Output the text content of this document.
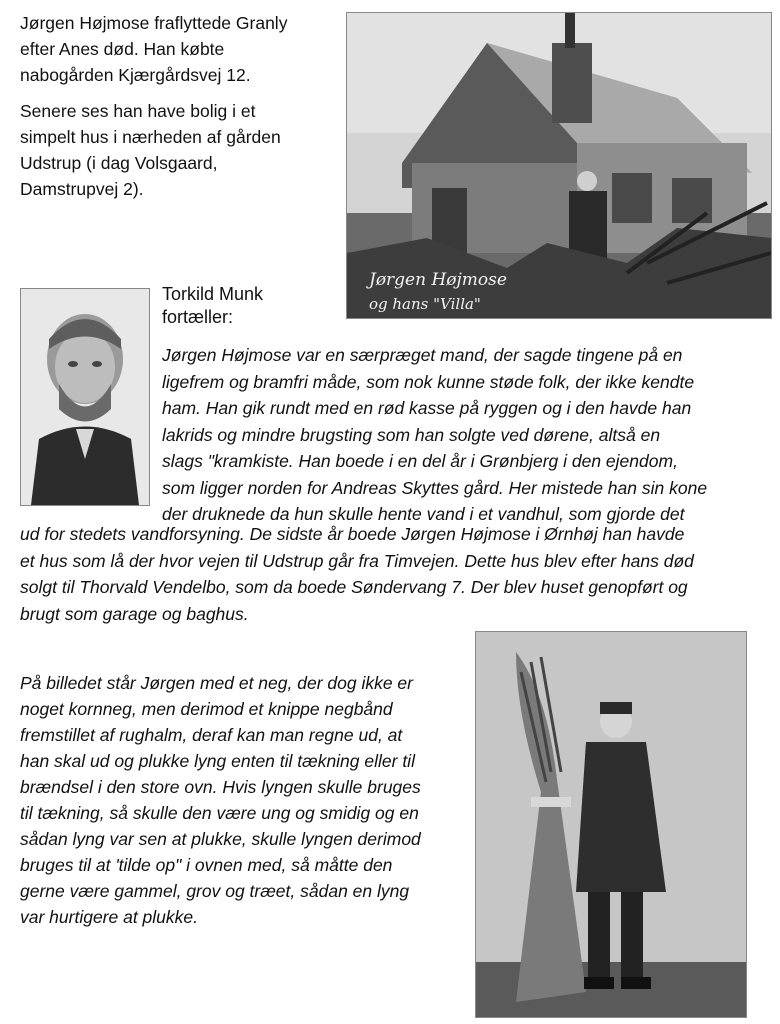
Jørgen Højmose fraflyttede Granly
efter Anes død. Han købte
nabogården Kjærgårdsvej 12.
Senere ses han have bolig i et
simpelt hus i nærheden af gården
Udstrup (i dag Volsgaard,
Damstrupvej 2).
Jørgen Højmose
og hans "Villa"
Torkild Munk
fortæller:
Jørgen Højmose var en særpræget mand, der sagde tingene på en
ligefrem og bramfri måde, som nok kunne støde folk, der ikke kendte
ham. Han gik rundt med en rød kasse på ryggen og i den havde han
lakrids og mindre brugsting som han solgte ved dørene, altså en
slags "kramkiste. Han boede i en del år i Grønbjerg i den ejendom,
som ligger norden for Andreas Skyttes gård. Her mistede han sin kone
der druknede da hun skulle hente vand i et vandhul, som gjorde det
ud for stedets vandforsyning. De sidste år boede Jørgen Højmose i Ørnhøj han havde
et hus som lå der hvor vejen til Udstrup går fra Timvejen. Dette hus blev efter hans død
solgt til Thorvald Vendelbo, som da boede Søndervang 7. Der blev huset genopført og
brugt som garage og baghus.
På billedet står Jørgen med et neg, der dog ikke er
noget kornneg, men derimod et knippe negbånd
fremstillet af rughalm, deraf kan man regne ud, at
han skal ud og plukke lyng enten til tækning eller til
brændsel i den store ovn. Hvis lyngen skulle bruges
til tækning, så skulle den være ung og smidig og en
sådan lyng var sen at plukke, skulle lyngen derimod
bruges til at 'tilde op" i ovnen med, så måtte den
gerne være gammel, grov og træet, sådan en lyng
var hurtigere at plukke.
